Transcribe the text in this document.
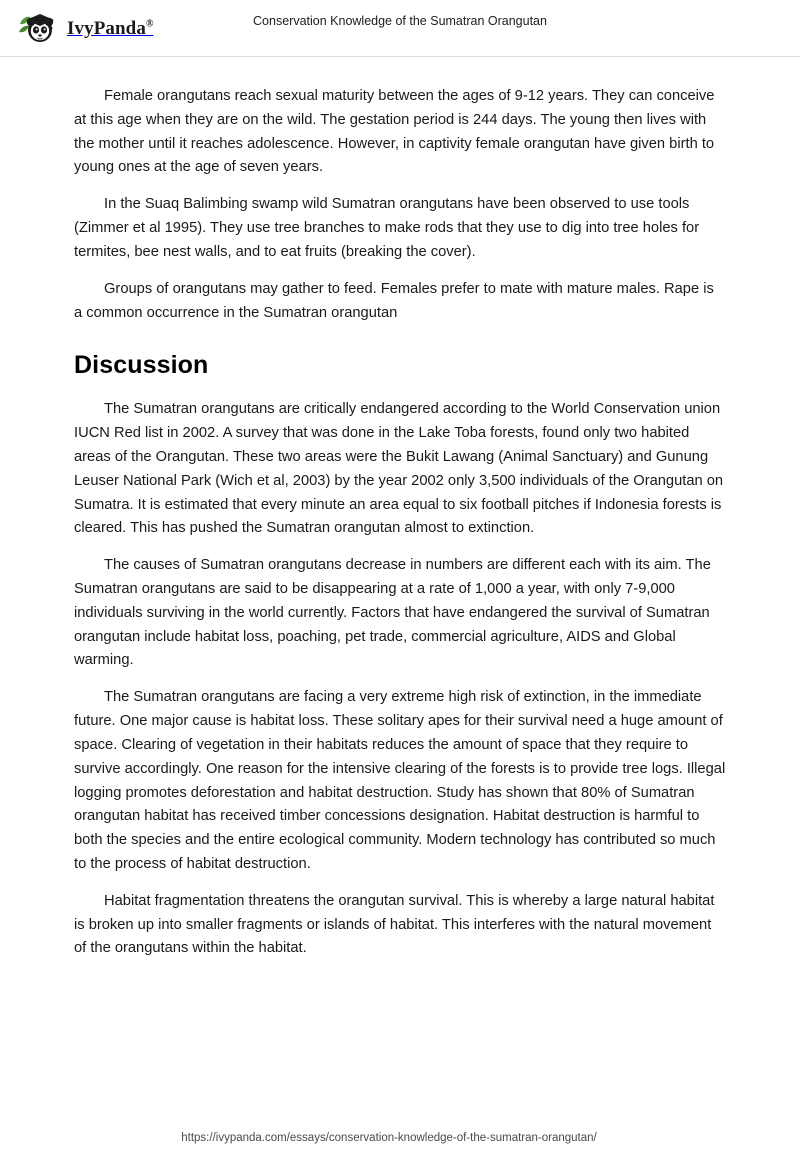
IvyPanda®	Conservation Knowledge of the Sumatran Orangutan

Female orangutans reach sexual maturity between the ages of 9-12 years. They can conceive at this age when they are on the wild. The gestation period is 244 days. The young then lives with the mother until it reaches adolescence. However, in captivity female orangutan have given birth to young ones at the age of seven years.

In the Suaq Balimbing swamp wild Sumatran orangutans have been observed to use tools (Zimmer et al 1995). They use tree branches to make rods that they use to dig into tree holes for termites, bee nest walls, and to eat fruits (breaking the cover).

Groups of orangutans may gather to feed. Females prefer to mate with mature males. Rape is a common occurrence in the Sumatran orangutan

Discussion

The Sumatran orangutans are critically endangered according to the World Conservation union IUCN Red list in 2002. A survey that was done in the Lake Toba forests, found only two habited areas of the Orangutan. These two areas were the Bukit Lawang (Animal Sanctuary) and Gunung Leuser National Park (Wich et al, 2003) by the year 2002 only 3,500 individuals of the Orangutan on Sumatra. It is estimated that every minute an area equal to six football pitches if Indonesia forests is cleared. This has pushed the Sumatran orangutan almost to extinction.

The causes of Sumatran orangutans decrease in numbers are different each with its aim. The Sumatran orangutans are said to be disappearing at a rate of 1,000 a year, with only 7-9,000 individuals surviving in the world currently. Factors that have endangered the survival of Sumatran orangutan include habitat loss, poaching, pet trade, commercial agriculture, AIDS and Global warming.

The Sumatran orangutans are facing a very extreme high risk of extinction, in the immediate future. One major cause is habitat loss. These solitary apes for their survival need a huge amount of space. Clearing of vegetation in their habitats reduces the amount of space that they require to survive accordingly. One reason for the intensive clearing of the forests is to provide tree logs. Illegal logging promotes deforestation and habitat destruction. Study has shown that 80% of Sumatran orangutan habitat has received timber concessions designation. Habitat destruction is harmful to both the species and the entire ecological community. Modern technology has contributed so much to the process of habitat destruction.

Habitat fragmentation threatens the orangutan survival. This is whereby a large natural habitat is broken up into smaller fragments or islands of habitat. This interferes with the natural movement of the orangutans within the habitat.

https://ivypanda.com/essays/conservation-knowledge-of-the-sumatran-orangutan/
